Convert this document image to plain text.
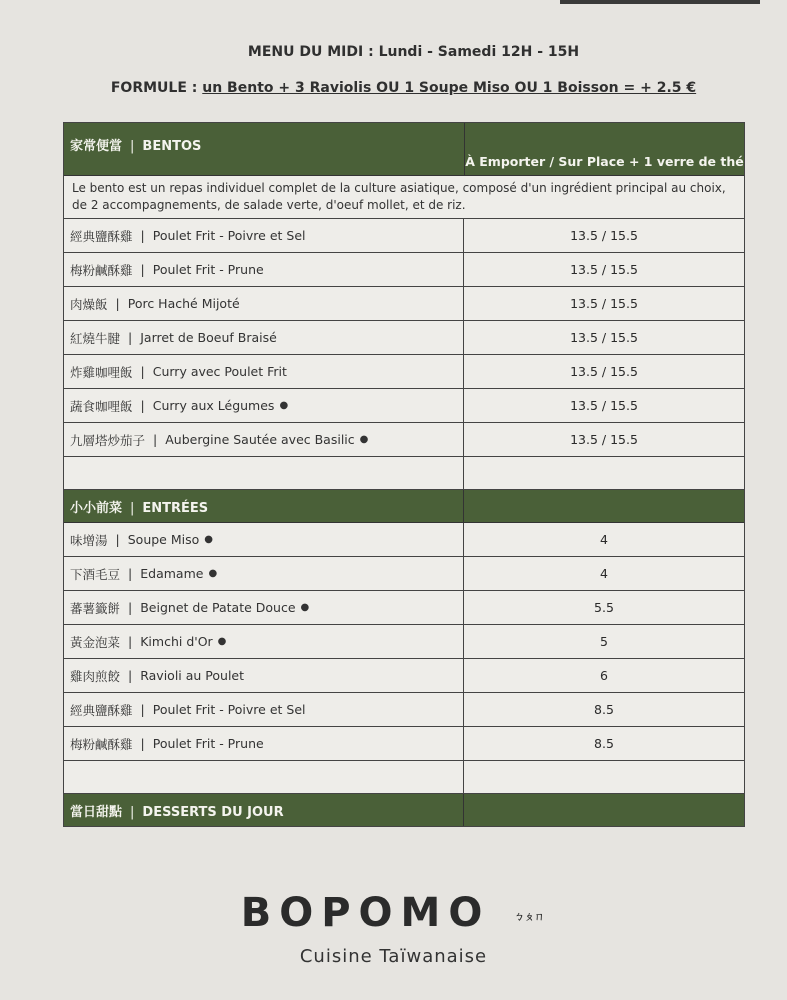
MENU DU MIDI : Lundi - Samedi 12H - 15H
FORMULE : un Bento + 3 Raviolis OU 1 Soupe Miso OU 1 Boisson = + 2.5 €
家常便當 | BENTOS
À Emporter / Sur Place + 1 verre de thé
Le bento est un repas individuel complet de la culture asiatique, composé d'un ingrédient principal au choix, de 2 accompagnements, de salade verte, d'oeuf mollet, et de riz.
經典鹽酥雞 | Poulet Frit - Poivre et Sel	13.5 / 15.5
梅粉鹹酥雞 | Poulet Frit - Prune	13.5 / 15.5
肉燥飯 | Porc Haché Mijoté	13.5 / 15.5
紅燒牛腱 | Jarret de Boeuf Braisé	13.5 / 15.5
炸雞咖哩飯 | Curry avec Poulet Frit	13.5 / 15.5
蔬食咖哩飯 | Curry aux Légumes ●	13.5 / 15.5
九層塔炒茄子 | Aubergine Sautée avec Basilic ●	13.5 / 15.5
小小前菜 | ENTRÉES
味增湯 | Soupe Miso ●	4
下酒毛豆 | Edamame ●	4
蕃薯籤餅 | Beignet de Patate Douce ●	5.5
黃金泡菜 | Kimchi d'Or ●	5
雞肉煎餃 | Ravioli au Poulet	6
經典鹽酥雞 | Poulet Frit - Poivre et Sel	8.5
梅粉鹹酥雞 | Poulet Frit - Prune	8.5
當日甜點 | DESSERTS DU JOUR
BOPOMO ㄅㄆㄇ
Cuisine Taïwanaise
